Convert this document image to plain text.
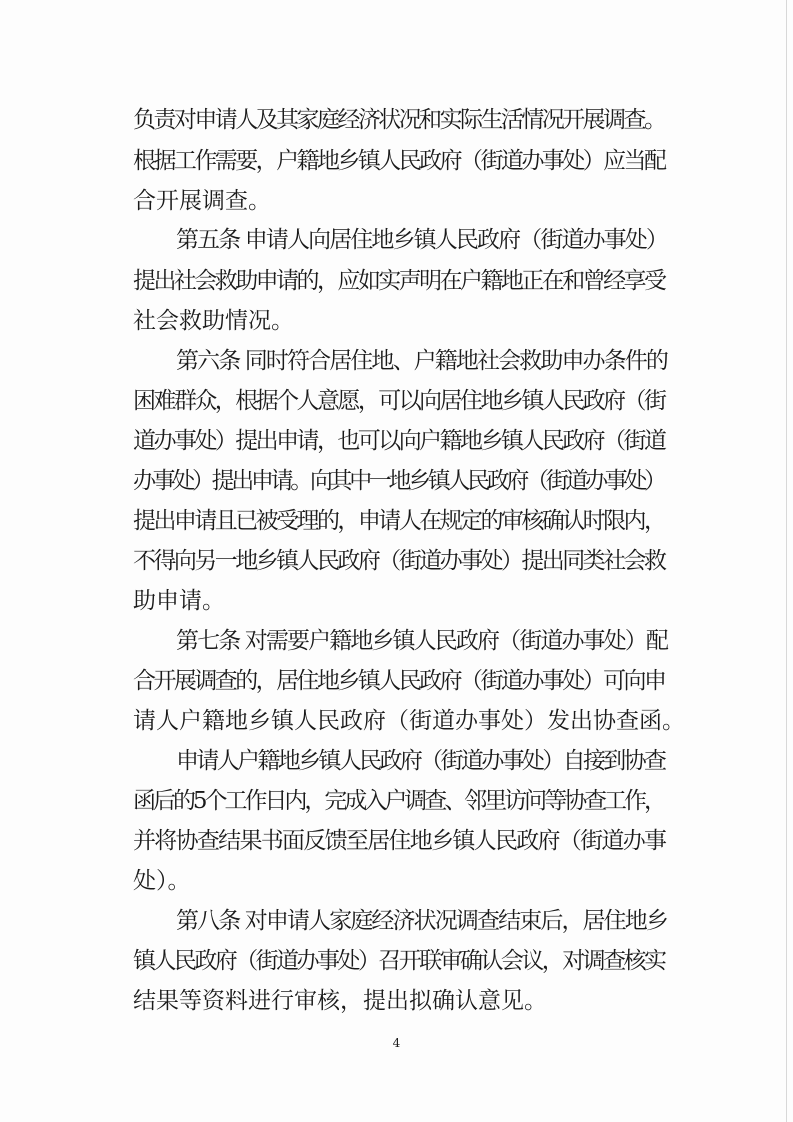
负责对申请人及其家庭经济状况和实际生活情况开展调查。
根据工作需要，户籍地乡镇人民政府（街道办事处）应当配
合开展调查。
第五条 申请人向居住地乡镇人民政府（街道办事处）
提出社会救助申请的，应如实声明在户籍地正在和曾经享受
社会救助情况。
第六条 同时符合居住地、户籍地社会救助申办条件的
困难群众，根据个人意愿，可以向居住地乡镇人民政府（街
道办事处）提出申请，也可以向户籍地乡镇人民政府（街道
办事处）提出申请。向其中一地乡镇人民政府（街道办事处）
提出申请且已被受理的，申请人在规定的审核确认时限内，
不得向另一地乡镇人民政府（街道办事处）提出同类社会救
助申请。
第七条 对需要户籍地乡镇人民政府（街道办事处）配
合开展调查的，居住地乡镇人民政府（街道办事处）可向申
请人户籍地乡镇人民政府（街道办事处）发出协查函。
申请人户籍地乡镇人民政府（街道办事处）自接到协查
函后的5个工作日内，完成入户调查、邻里访问等协查工作，
并将协查结果书面反馈至居住地乡镇人民政府（街道办事
处）。
第八条 对申请人家庭经济状况调查结束后，居住地乡
镇人民政府（街道办事处）召开联审确认会议，对调查核实
结果等资料进行审核，提出拟确认意见。
4
